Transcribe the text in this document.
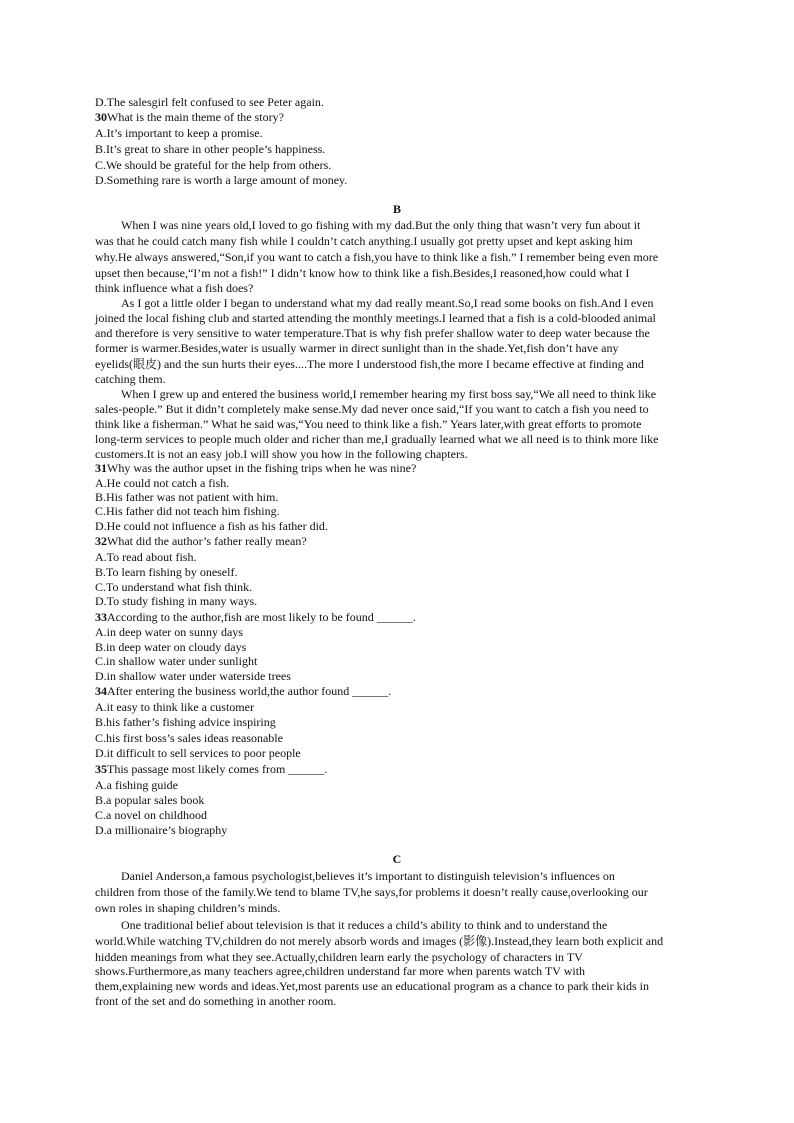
D.The salesgirl felt confused to see Peter again.
30What is the main theme of the story?
A.It’s important to keep a promise.
B.It’s great to share in other people’s happiness.
C.We should be grateful for the help from others.
D.Something rare is worth a large amount of money.
B
When I was nine years old,I loved to go fishing with my dad.But the only thing that wasn’t very fun about it
was that he could catch many fish while I couldn’t catch anything.I usually got pretty upset and kept asking him
why.He always answered,“Son,if you want to catch a fish,you have to think like a fish.” I remember being even more
upset then because,“I’m not a fish!” I didn’t know how to think like a fish.Besides,I reasoned,how could what I
think influence what a fish does?
As I got a little older I began to understand what my dad really meant.So,I read some books on fish.And I even
joined the local fishing club and started attending the monthly meetings.I learned that a fish is a cold-blooded animal
and therefore is very sensitive to water temperature.That is why fish prefer shallow water to deep water because the
former is warmer.Besides,water is usually warmer in direct sunlight than in the shade.Yet,fish don’t have any
eyelids(眼皮) and the sun hurts their eyes....The more I understood fish,the more I became effective at finding and
catching them.
When I grew up and entered the business world,I remember hearing my first boss say,“We all need to think like
sales-people.” But it didn’t completely make sense.My dad never once said,“If you want to catch a fish you need to
think like a fisherman.” What he said was,“You need to think like a fish.” Years later,with great efforts to promote
long-term services to people much older and richer than me,I gradually learned what we all need is to think more like
customers.It is not an easy job.I will show you how in the following chapters.
31Why was the author upset in the fishing trips when he was nine?
A.He could not catch a fish.
B.His father was not patient with him.
C.His father did not teach him fishing.
D.He could not influence a fish as his father did.
32What did the author’s father really mean?
A.To read about fish.
B.To learn fishing by oneself.
C.To understand what fish think.
D.To study fishing in many ways.
33According to the author,fish are most likely to be found ______.
A.in deep water on sunny days
B.in deep water on cloudy days
C.in shallow water under sunlight
D.in shallow water under waterside trees
34After entering the business world,the author found ______.
A.it easy to think like a customer
B.his father’s fishing advice inspiring
C.his first boss’s sales ideas reasonable
D.it difficult to sell services to poor people
35This passage most likely comes from ______.
A.a fishing guide
B.a popular sales book
C.a novel on childhood
D.a millionaire’s biography
C
Daniel Anderson,a famous psychologist,believes it’s important to distinguish television’s influences on
children from those of the family.We tend to blame TV,he says,for problems it doesn’t really cause,overlooking our
own roles in shaping children’s minds.
One traditional belief about television is that it reduces a child’s ability to think and to understand the
world.While watching TV,children do not merely absorb words and images (影像).Instead,they learn both explicit and
hidden meanings from what they see.Actually,children learn early the psychology of characters in TV
shows.Furthermore,as many teachers agree,children understand far more when parents watch TV with
them,explaining new words and ideas.Yet,most parents use an educational program as a chance to park their kids in
front of the set and do something in another room.
